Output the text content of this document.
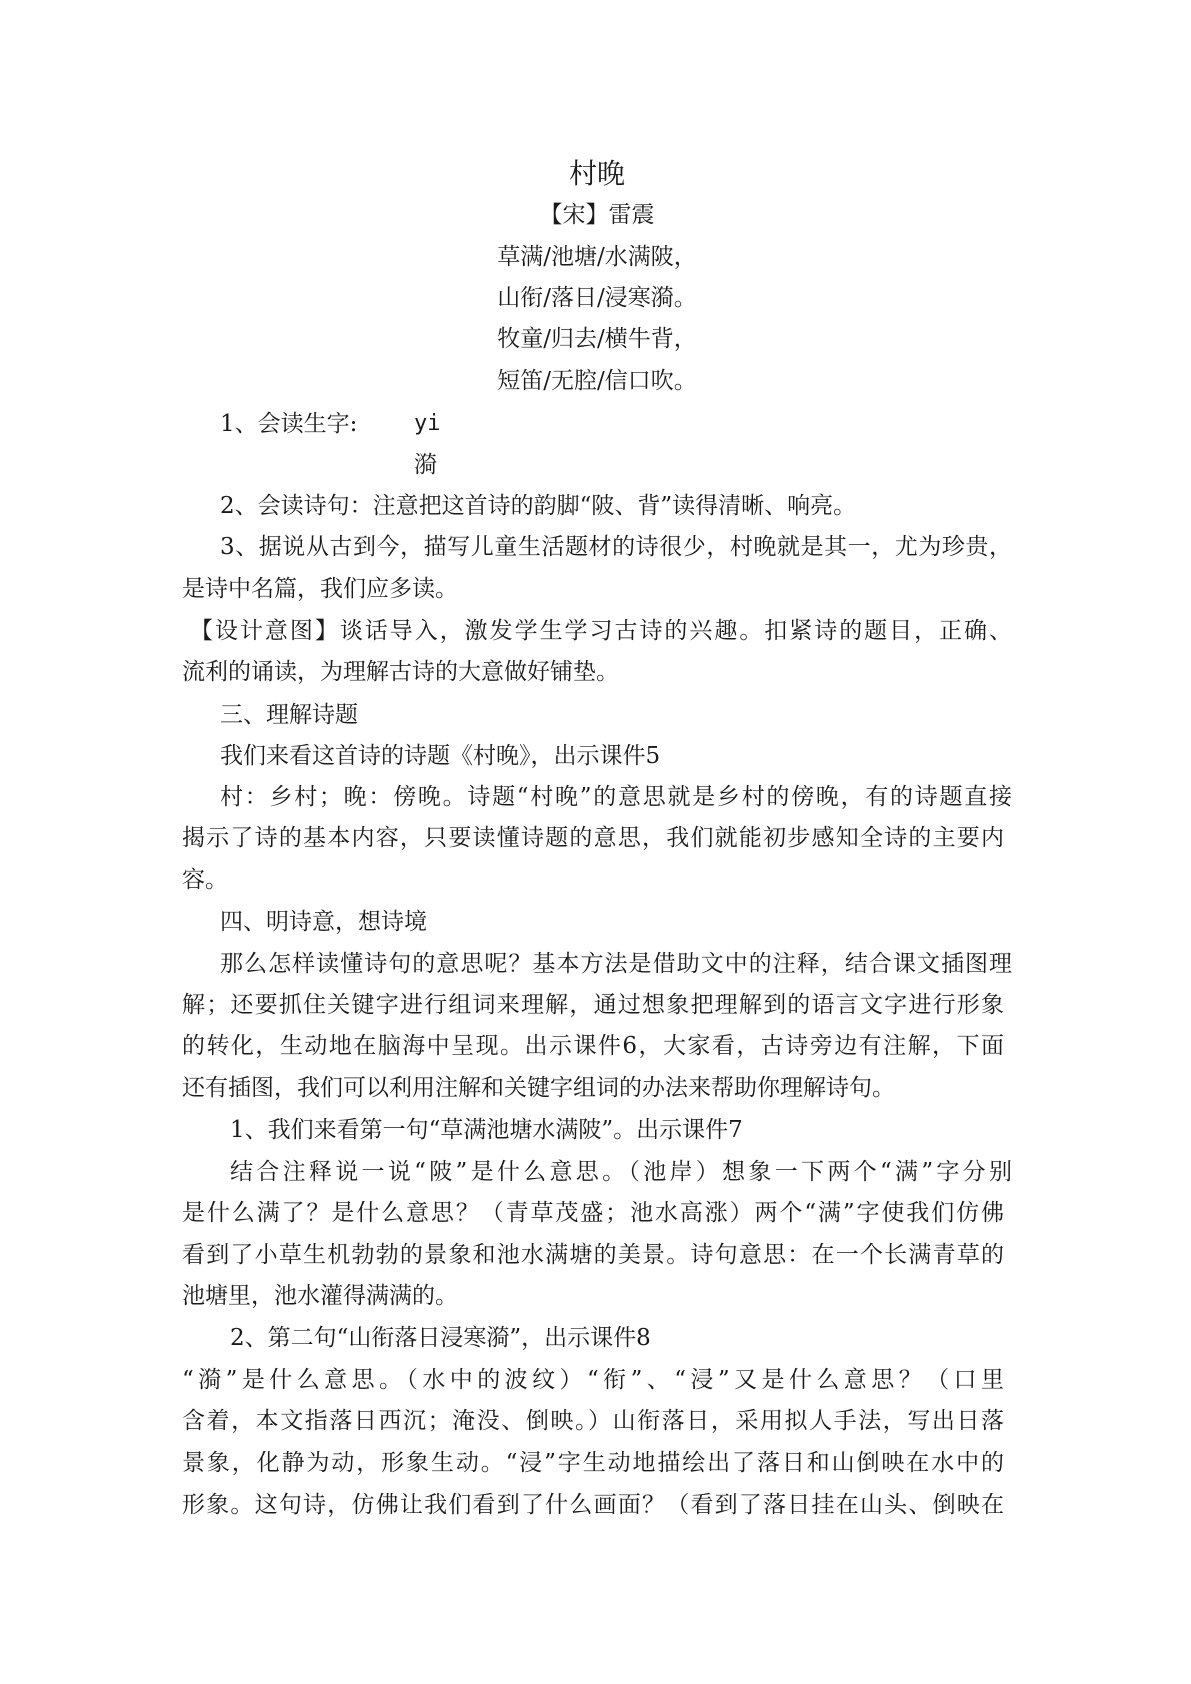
村晚
【宋】雷震
草满/池塘/水满陂，
山衔/落日/浸寒漪。
牧童/归去/横牛背，
短笛/无腔/信口吹。
1、会读生字:	yi
漪
2、会读诗句：注意把这首诗的韵脚“陂、背”读得清晰、响亮。
3、据说从古到今，描写儿童生活题材的诗很少，村晚就是其一，尤为珍贵，
是诗中名篇，我们应多读。
【设计意图】谈话导入，激发学生学习古诗的兴趣。扣紧诗的题目，正确、
流利的诵读，为理解古诗的大意做好铺垫。
三、理解诗题
我们来看这首诗的诗题《村晚》，出示课件5
村：乡村；晚：傍晚。诗题“村晚”的意思就是乡村的傍晚，有的诗题直接
揭示了诗的基本内容，只要读懂诗题的意思，我们就能初步感知全诗的主要内
容。
四、明诗意，想诗境
那么怎样读懂诗句的意思呢？基本方法是借助文中的注释，结合课文插图理
解；还要抓住关键字进行组词来理解，通过想象把理解到的语言文字进行形象
的转化，生动地在脑海中呈现。出示课件6，大家看，古诗旁边有注解，下面
还有插图，我们可以利用注解和关键字组词的办法来帮助你理解诗句。
1、我们来看第一句“草满池塘水满陂”。出示课件7
结合注释说一说“陂”是什么意思。（池岸）想象一下两个“满”字分别
是什么满了？是什么意思？（青草茂盛；池水高涨）两个“满”字使我们仿佛
看到了小草生机勃勃的景象和池水满塘的美景。诗句意思：在一个长满青草的
池塘里，池水灌得满满的。
2、第二句“山衔落日浸寒漪”，出示课件8
“漪”是什么意思。（水中的波纹）“衔”、“浸”又是什么意思？（口里
含着，本文指落日西沉；淹没、倒映。）山衔落日，采用拟人手法，写出日落
景象，化静为动，形象生动。“浸”字生动地描绘出了落日和山倒映在水中的
形象。这句诗，仿佛让我们看到了什么画面？（看到了落日挂在山头、倒映在
